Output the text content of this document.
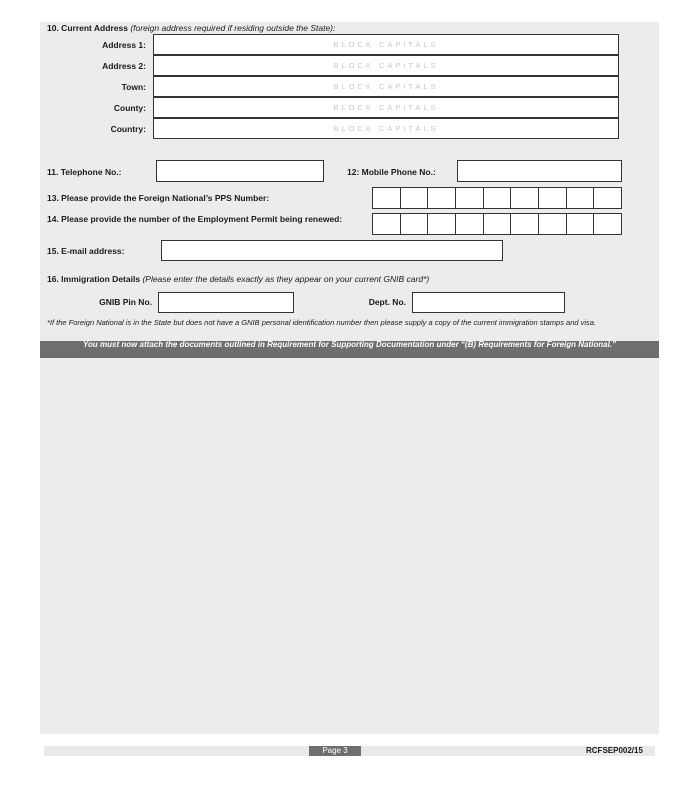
10. Current Address (foreign address required if residing outside the State):
Address 1:	BLOCK CAPITALS
Address 2:	BLOCK CAPITALS
Town:	BLOCK CAPITALS
County:	BLOCK CAPITALS
Country:	BLOCK CAPITALS
11. Telephone No.:	12: Mobile Phone No.:
13. Please provide the Foreign National’s PPS Number:
14. Please provide the number of the Employment Permit being renewed:
15. E-mail address:
16. Immigration Details (Please enter the details exactly as they appear on your current GNIB card*)
GNIB Pin No.	Dept. No.
*If the Foreign National is in the State but does not have a GNIB personal identification number then please supply a copy of the current immigration stamps and visa.
You must now attach the documents outlined in Requirement for Supporting Documentation under “(B) Requirements for Foreign National.”
Page 3	RCFSEP002/15
